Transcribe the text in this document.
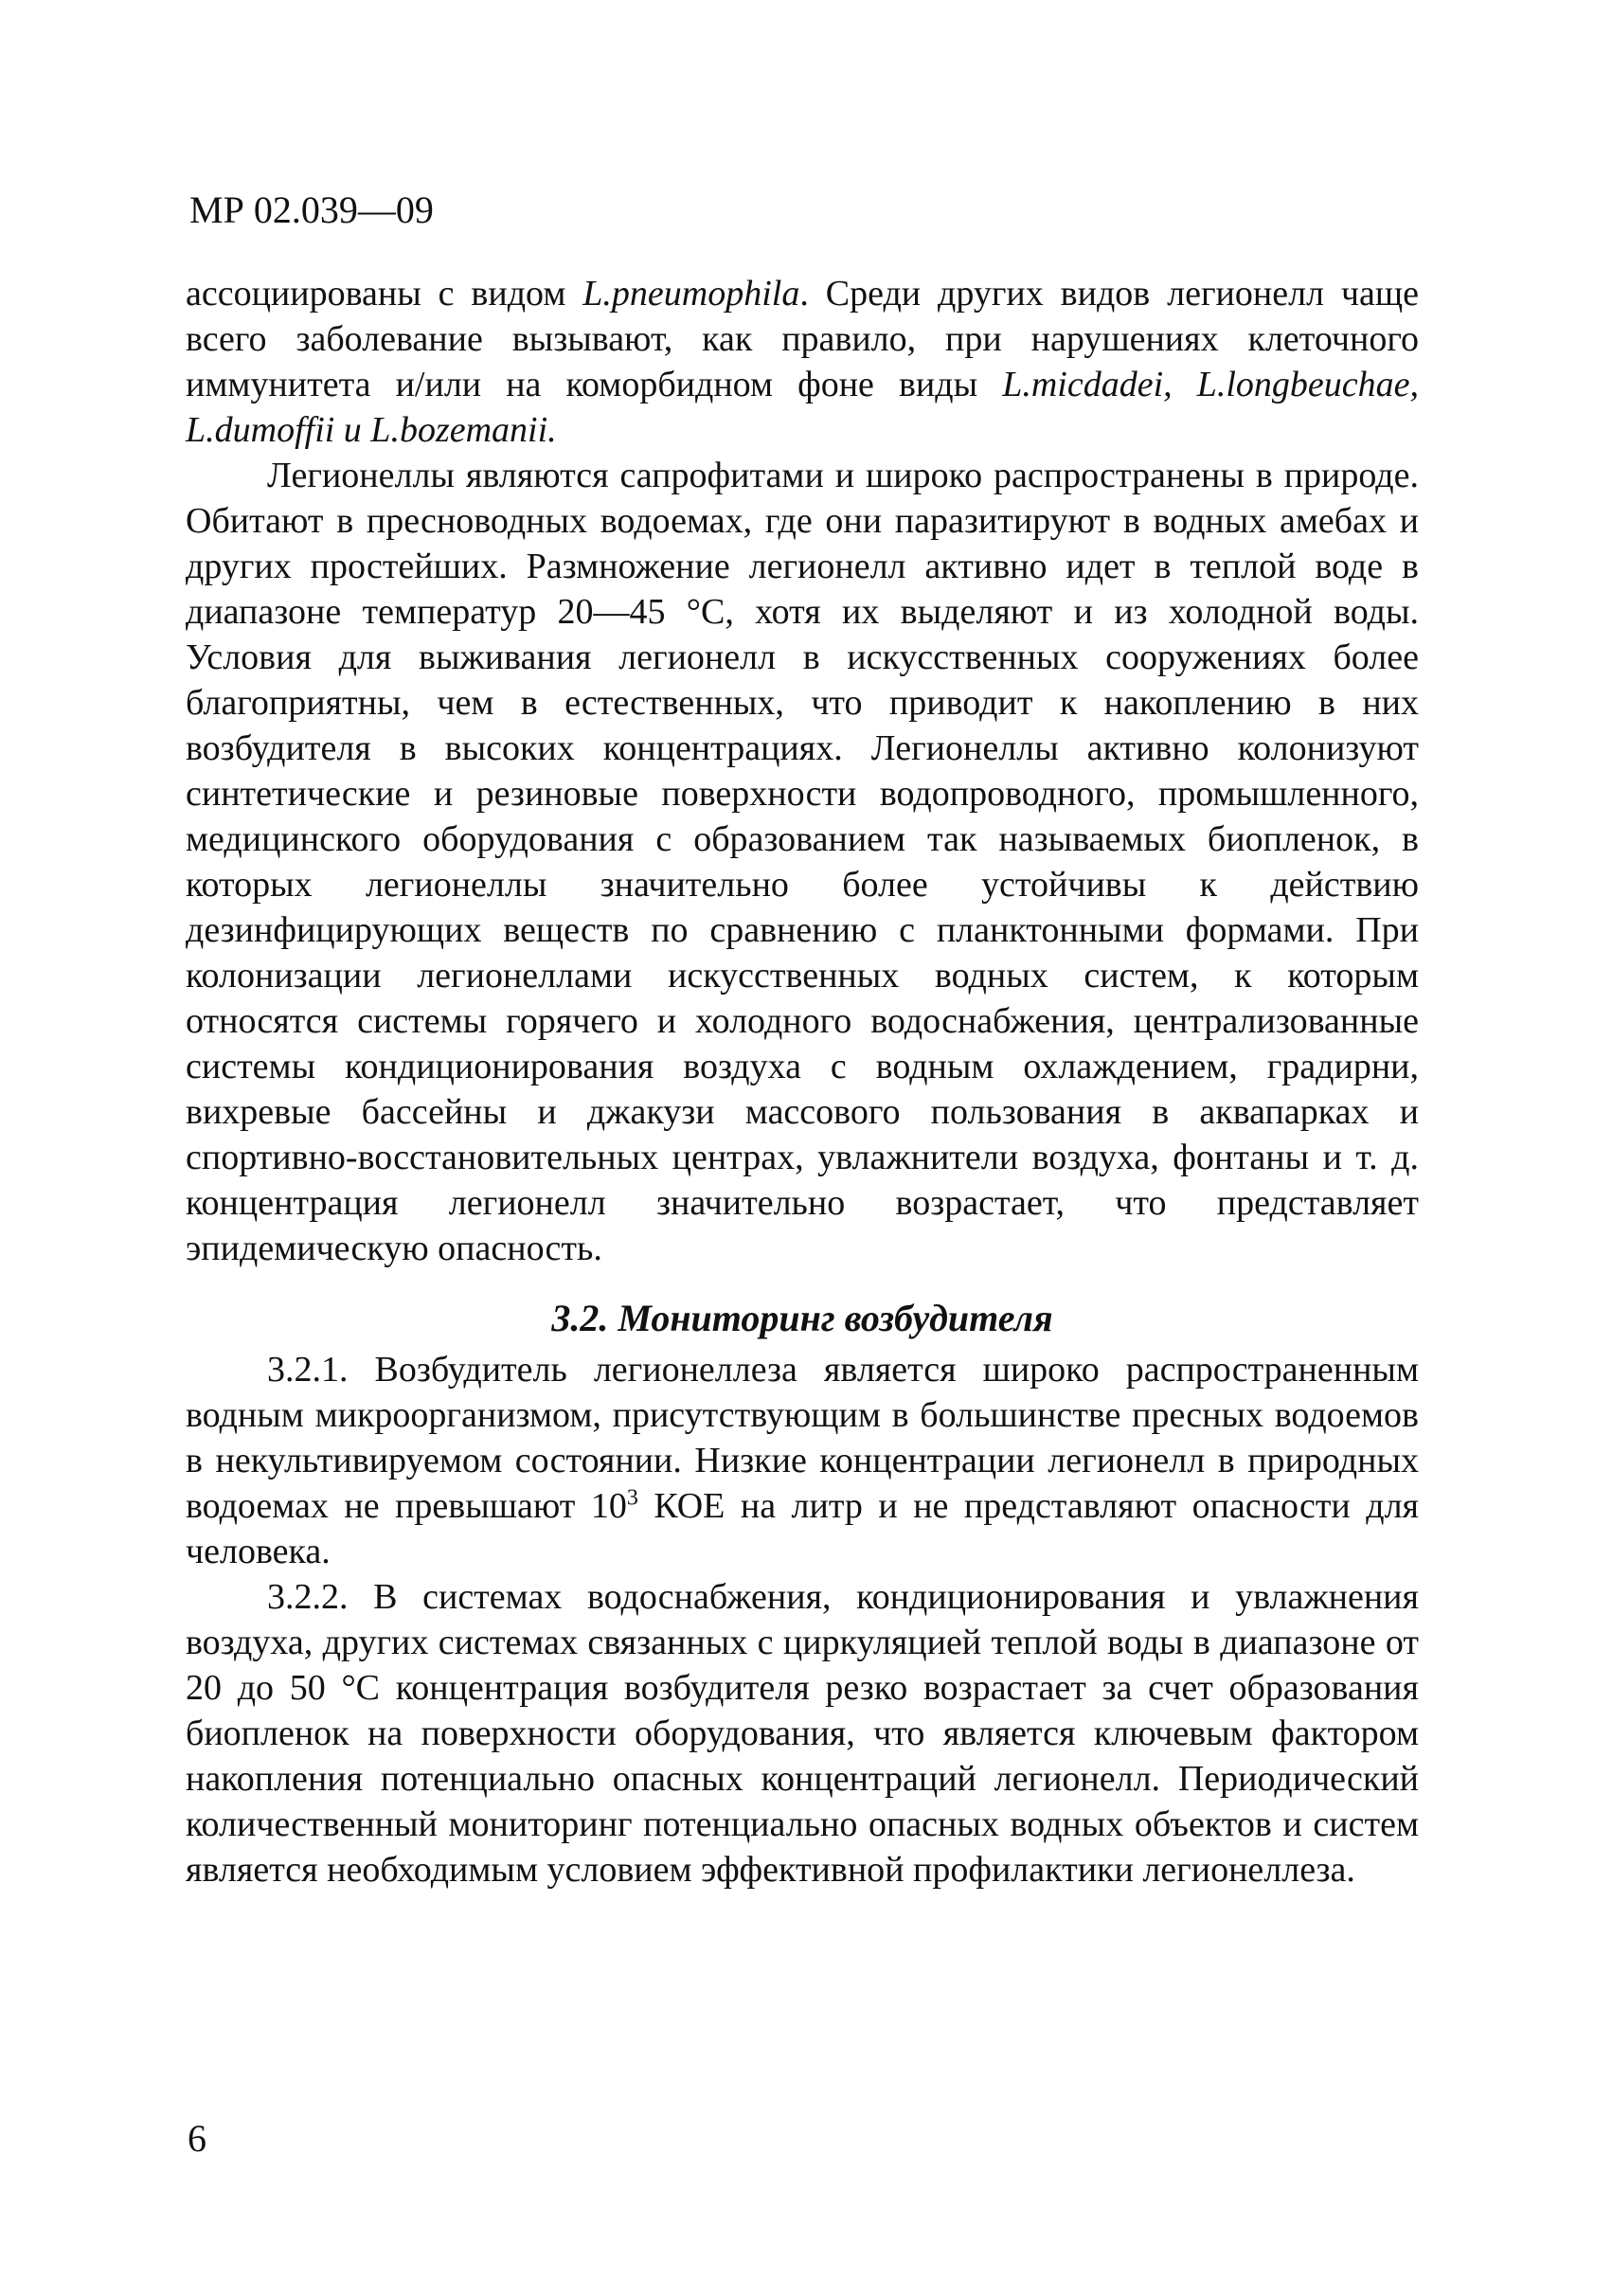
МР 02.039—09

ассоциированы с видом L.pneumophila. Среди других видов легионелл чаще всего заболевание вызывают, как правило, при нарушениях клеточного иммунитета и/или на коморбидном фоне виды L.micdadei, L.longbeuchae, L.dumoffii u L.bozemanii.

Легионеллы являются сапрофитами и широко распространены в природе. Обитают в пресноводных водоемах, где они паразитируют в водных амебах и других простейших. Размножение легионелл активно идет в теплой воде в диапазоне температур 20—45 °С, хотя их выделяют и из холодной воды. Условия для выживания легионелл в искусственных сооружениях более благоприятны, чем в естественных, что приводит к накоплению в них возбудителя в высоких концентрациях. Легионеллы активно колонизуют синтетические и резиновые поверхности водопроводного, промышленного, медицинского оборудования с образованием так называемых биопленок, в которых легионеллы значительно более устойчивы к действию дезинфицирующих веществ по сравнению с планктонными формами. При колонизации легионеллами искусственных водных систем, к которым относятся системы горячего и холодного водоснабжения, централизованные системы кондиционирования воздуха с водным охлаждением, градирни, вихревые бассейны и джакузи массового пользования в аквапарках и спортивно-восстановительных центрах, увлажнители воздуха, фонтаны и т. д. концентрация легионелл значительно возрастает, что представляет эпидемическую опасность.

3.2. Мониторинг возбудителя

3.2.1. Возбудитель легионеллеза является широко распространенным водным микроорганизмом, присутствующим в большинстве пресных водоемов в некультивируемом состоянии. Низкие концентрации легионелл в природных водоемах не превышают $10^3$ КОЕ на литр и не представляют опасности для человека.

3.2.2. В системах водоснабжения, кондиционирования и увлажнения воздуха, других системах связанных с циркуляцией теплой воды в диапазоне от 20 до 50 °С концентрация возбудителя резко возрастает за счет образования биопленок на поверхности оборудования, что является ключевым фактором накопления потенциально опасных концентраций легионелл. Периодический количественный мониторинг потенциально опасных водных объектов и систем является необходимым условием эффективной профилактики легионеллеза.

6
